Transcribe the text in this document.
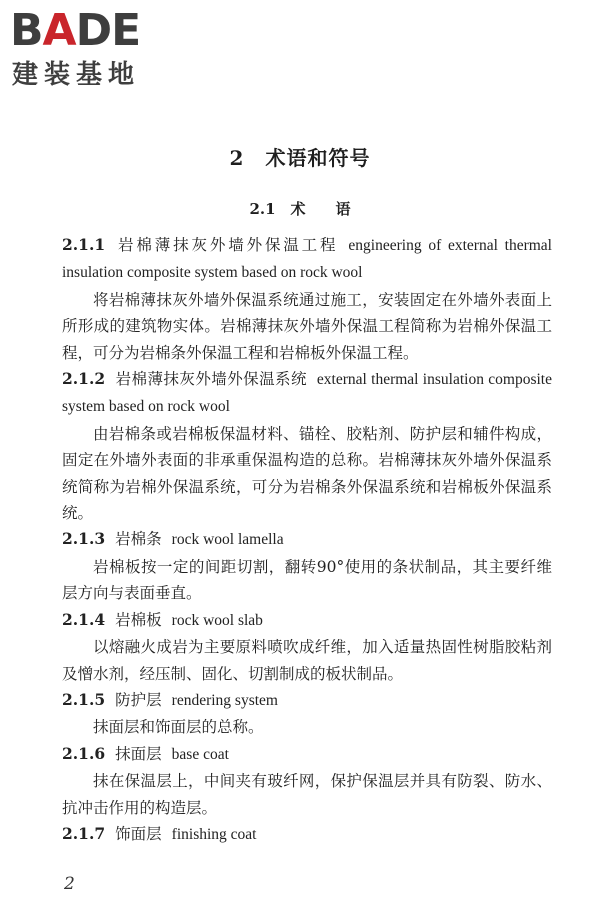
BADE
建装基地
2　术语和符号
2.1　术　　语

2.1.1 岩棉薄抹灰外墙外保温工程 engineering of external thermal insulation composite system based on rock wool

将岩棉薄抹灰外墙外保温系统通过施工，安装固定在外墙外表面上所形成的建筑物实体。岩棉薄抹灰外墙外保温工程简称为岩棉外保温工程，可分为岩棉条外保温工程和岩棉板外保温工程。

2.1.2 岩棉薄抹灰外墙外保温系统 external thermal insulation composite system based on rock wool

由岩棉条或岩棉板保温材料、锚栓、胶粘剂、防护层和辅件构成，固定在外墙外表面的非承重保温构造的总称。岩棉薄抹灰外墙外保温系统简称为岩棉外保温系统，可分为岩棉条外保温系统和岩棉板外保温系统。

2.1.3 岩棉条 rock wool lamella

岩棉板按一定的间距切割，翻转90°使用的条状制品，其主要纤维层方向与表面垂直。

2.1.4 岩棉板 rock wool slab

以熔融火成岩为主要原料喷吹成纤维，加入适量热固性树脂胶粘剂及憎水剂，经压制、固化、切割制成的板状制品。

2.1.5 防护层 rendering system

抹面层和饰面层的总称。

2.1.6 抹面层 base coat

抹在保温层上，中间夹有玻纤网，保护保温层并具有防裂、防水、抗冲击作用的构造层。

2.1.7 饰面层 finishing coat

2
